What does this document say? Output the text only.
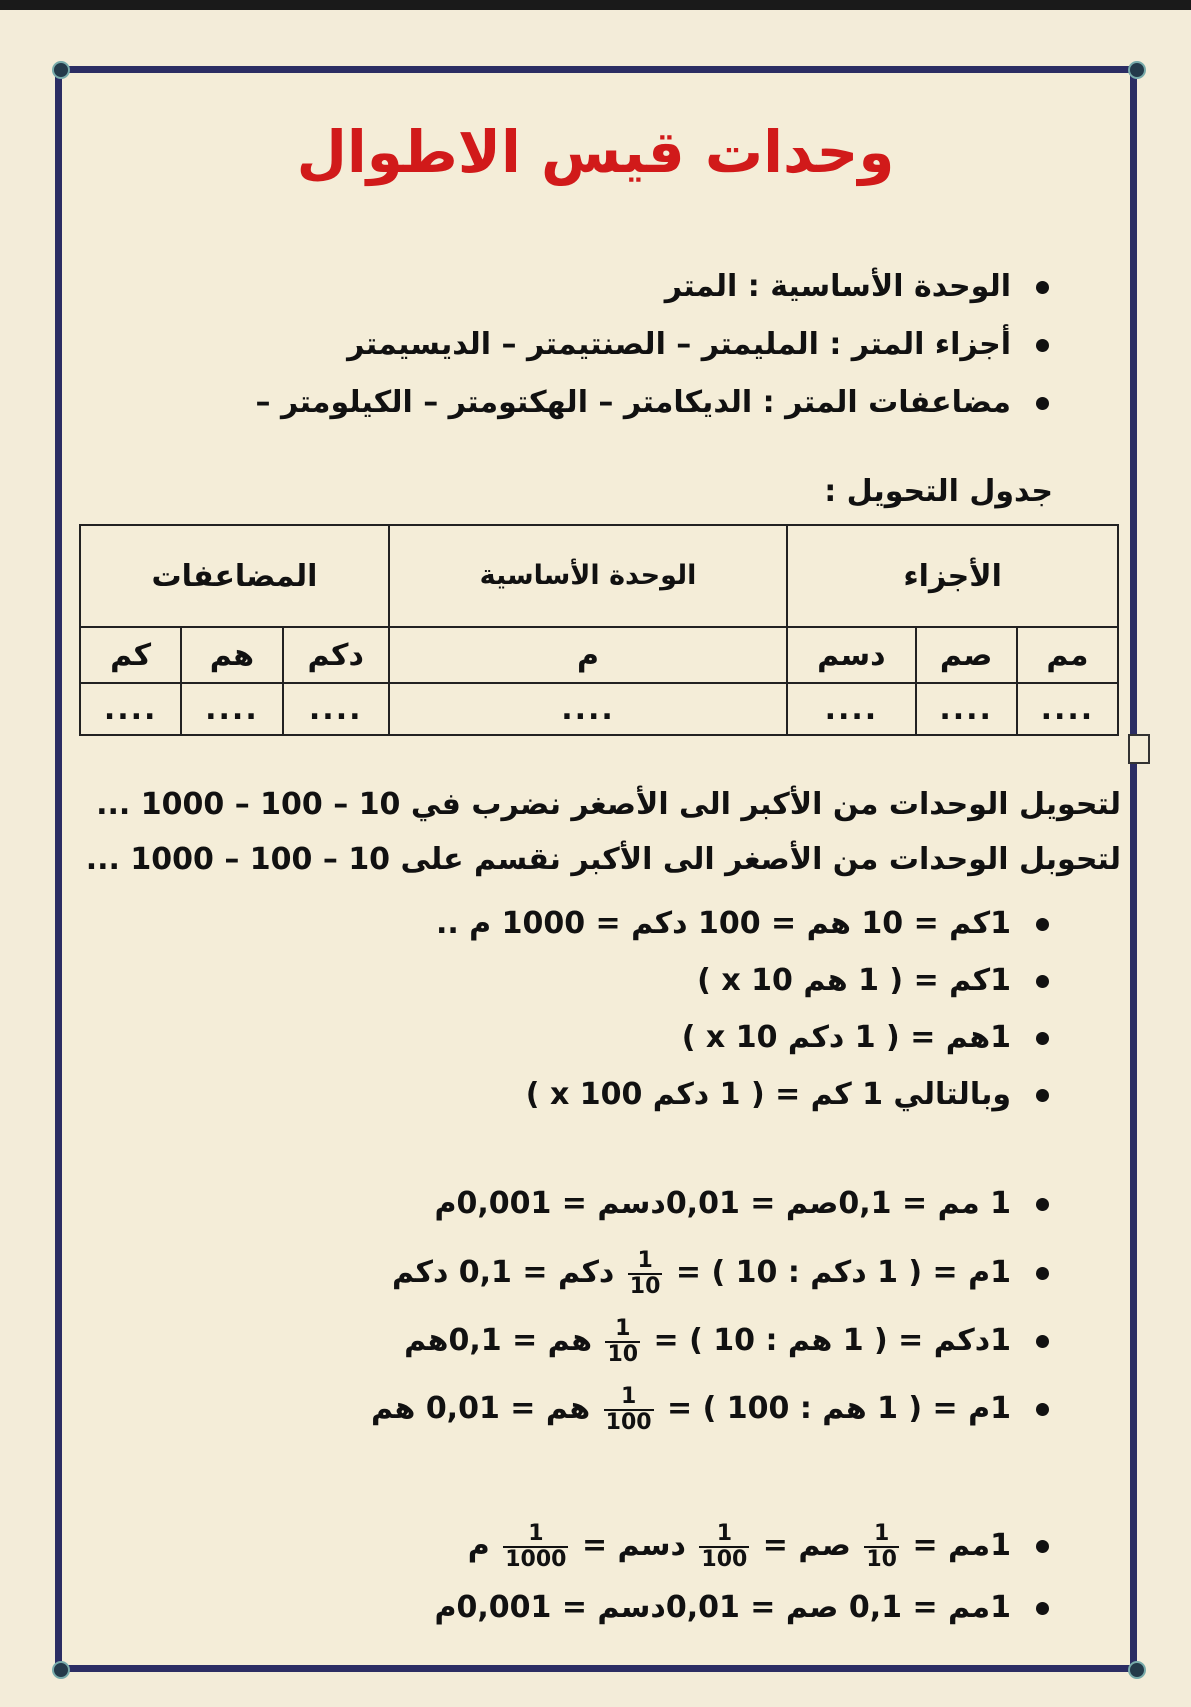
وحدات قيس الاطوال
الوحدة الأساسية : المتر
أجزاء المتر : المليمتر – الصنتيمتر – الديسيمتر
مضاعفات المتر : الديكامتر – الهكتومتر – الكيلومتر –
جدول التحويل :
الأجزاء			الوحدة الأساسية	المضاعفات		
مم	صم	دسم	م	دكم	هم	كم
....	....	....	....	....	....	....
لتحويل الوحدات من الأكبر الى الأصغر نضرب في 10 – 100 – 1000 ...
لتحوبل الوحدات من الأصغر الى الأكبر نقسم على 10 – 100 – 1000 ...
1كم = 10 هم = 100 دكم = 1000 م ..
1كم = ( 1 هم x 10 )
1هم = ( 1 دكم x 10 )
وبالتالي 1 كم = ( 1 دكم x 100 )
1 مم = 0,1صم = 0,01دسم = 0,001م
1م = ( 1 دكم : 10 ) =
$\frac{1}{10}$
دكم = 0,1 دكم
1دكم = ( 1 هم : 10 ) =
$\frac{1}{10}$
هم = 0,1هم
1م = ( 1 هم : 100 ) =
$\frac{1}{100}$
هم = 0,01 هم
1مم =
$\frac{1}{10}$
صم =
$\frac{1}{100}$
دسم =
$\frac{1}{1000}$
م
1مم = 0,1 صم = 0,01دسم = 0,001م
